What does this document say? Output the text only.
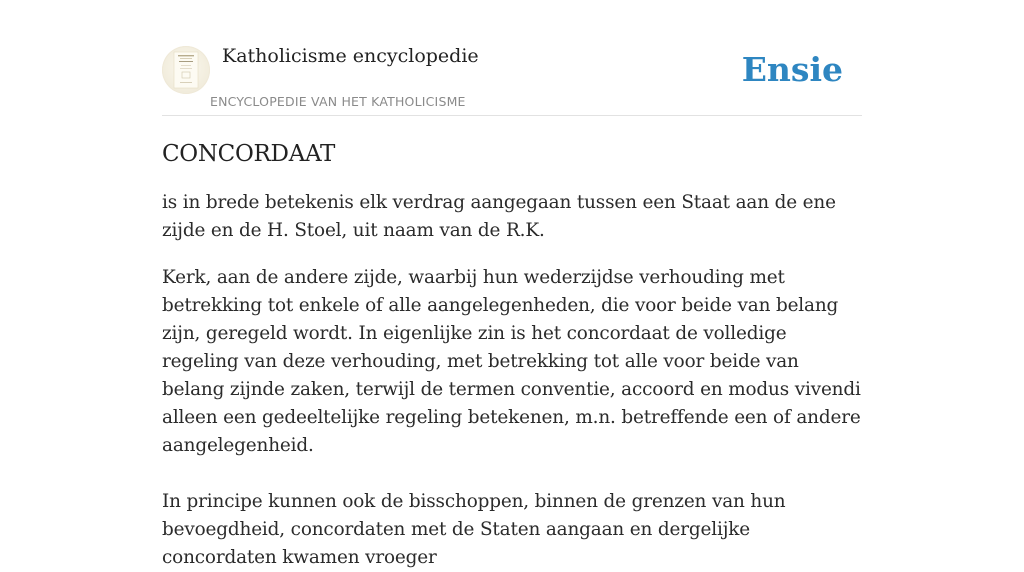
Katholicisme encyclopedie
ENCYCLOPEDIE VAN HET KATHOLICISME
Ensie
CONCORDAAT

is in brede betekenis elk verdrag aangegaan tussen een Staat aan de ene zijde en de H. Stoel, uit naam van de R.K.

Kerk, aan de andere zijde, waarbij hun wederzijdse verhouding met betrekking tot enkele of alle aangelegenheden, die voor beide van belang zijn, geregeld wordt. In eigenlijke zin is het concordaat de volledige regeling van deze verhouding, met betrekking tot alle voor beide van belang zijnde zaken, terwijl de termen conventie, accoord en modus vivendi alleen een gedeeltelijke regeling betekenen, m.n. betreffende een of andere aangelegenheid.

In principe kunnen ook de bisschoppen, binnen de grenzen van hun bevoegdheid, concordaten met de Staten aangaan en dergelijke concordaten kwamen vroeger
